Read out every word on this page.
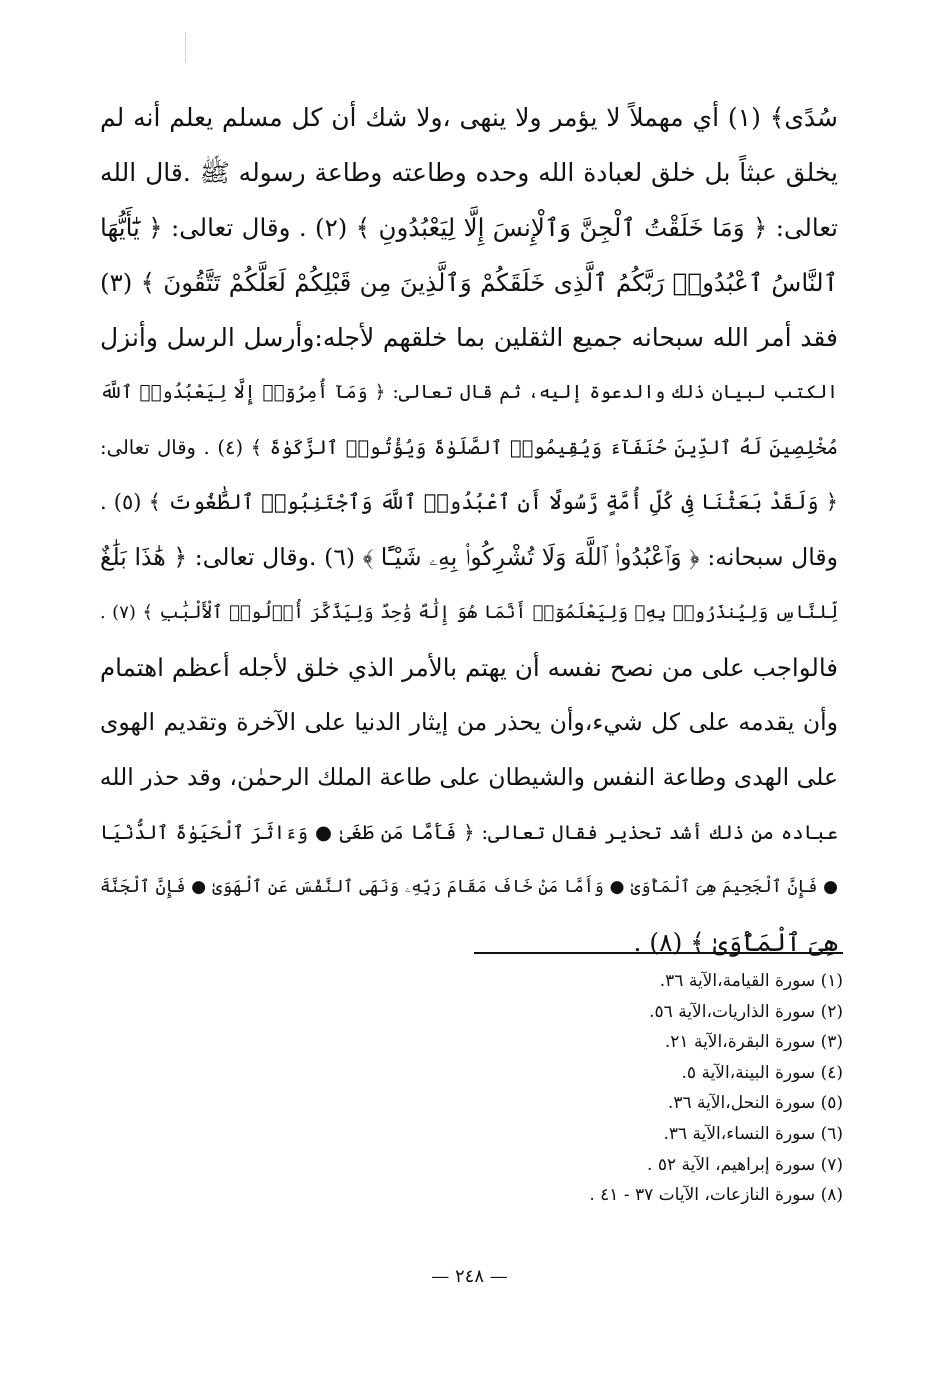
سُدًى﴾ (١) أي مهملاً لا يؤمر ولا ينهى ،ولا شك أن كل مسلم يعلم أنه لم
يخلق عبثاً بل خلق لعبادة الله وحده وطاعته وطاعة رسوله ﷺ .قال الله
تعالى: ﴿ وَمَا خَلَقْتُ ٱلْجِنَّ وَٱلْإِنسَ إِلَّا لِيَعْبُدُونِ ﴾ (٢) . وقال تعالى: ﴿ يَٰٓأَيُّهَا
ٱلنَّاسُ ٱعْبُدُوا۟ رَبَّكُمُ ٱلَّذِى خَلَقَكُمْ وَٱلَّذِينَ مِن قَبْلِكُمْ لَعَلَّكُمْ تَتَّقُونَ ﴾ (٣)
فقد أمر الله سبحانه جميع الثقلين بما خلقهم لأجله:وأرسل الرسل وأنزل
الكتب لبيان ذلك والدعوة إليه، ثم قال تعالى: ﴿ وَمَآ أُمِرُوٓا۟ إِلَّا لِيَعْبُدُوا۟ ٱللَّهَ
مُخْلِصِينَ لَهُ ٱلدِّينَ حُنَفَآءَ وَيُقِيمُوا۟ ٱلصَّلَوٰةَ وَيُؤْتُوا۟ ٱلزَّكَوٰةَ ﴾ (٤) . وقال تعالى:
﴿ وَلَقَدْ بَعَثْنَا فِى كُلِّ أُمَّةٍ رَّسُولًا أَنِ ٱعْبُدُوا۟ ٱللَّهَ وَٱجْتَنِبُوا۟ ٱلطَّٰغُوتَ ﴾ (٥) .
وقال سبحانه: ﴿ وَٱعْبُدُوا۟ ٱللَّهَ وَلَا تُشْرِكُوا۟ بِهِۦ شَيْـًٔا ﴾ (٦) .وقال تعالى: ﴿ هَٰذَا بَلَٰغٌ
لِّلنَّاسِ وَلِيُنذَرُوا۟ بِهِۦ وَلِيَعْلَمُوٓا۟ أَنَّمَا هُوَ إِلَٰهٌ وَٰحِدٌ وَلِيَذَّكَّرَ أُو۟لُوا۟ ٱلْأَلْبَٰبِ ﴾ (٧) .
فالواجب على من نصح نفسه أن يهتم بالأمر الذي خلق لأجله أعظم اهتمام
وأن يقدمه على كل شيء،وأن يحذر من إيثار الدنيا على الآخرة وتقديم الهوى
على الهدى وطاعة النفس والشيطان على طاعة الملك الرحمٰن، وقد حذر الله
عباده من ذلك أشد تحذير فقال تعالى: ﴿ فَأَمَّا مَن طَغَىٰ ● وَءَاثَرَ ٱلْحَيَوٰةَ ٱلدُّنْيَا
● فَإِنَّ ٱلْجَحِيمَ هِىَ ٱلْمَأْوَىٰ ● وَأَمَّا مَنْ خَافَ مَقَامَ رَبِّهِۦ وَنَهَى ٱلنَّفْسَ عَنِ ٱلْهَوَىٰ ● فَإِنَّ ٱلْجَنَّةَ
هِىَ ٱلْمَأْوَىٰ ﴾ (٨) .
(١) سورة القيامة،الآية ٣٦.
(٢) سورة الذاريات،الآية ٥٦.
(٣) سورة البقرة،الآية ٢١.
(٤) سورة البينة،الآية ٥.
(٥) سورة النحل،الآية ٣٦.
(٦) سورة النساء،الآية ٣٦.
(٧) سورة إبراهيم، الآية ٥٢ .
(٨) سورة النازعات، الآيات ٣٧ - ٤١ .
— ٢٤٨ —
